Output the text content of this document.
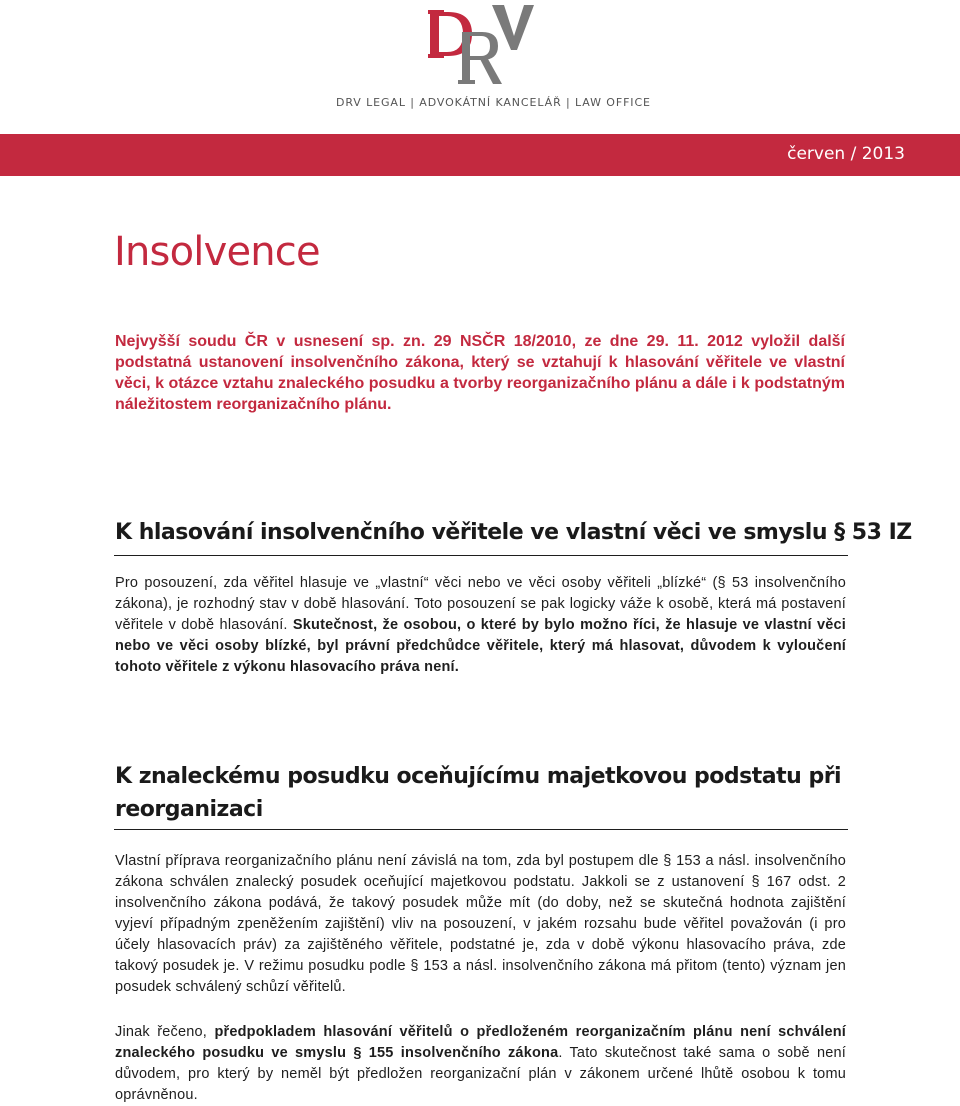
DRV LEGAL | ADVOKÁTNÍ KANCELÁŘ | LAW OFFICE
červen / 2013
Insolvence

Nejvyšší soudu ČR v usnesení sp. zn. 29 NSČR 18/2010, ze dne 29. 11. 2012 vyložil další podstatná ustanovení insolvenčního zákona, který se vztahují k hlasování věřitele ve vlastní věci, k otázce vztahu znaleckého posudku a tvorby reorganizačního plánu a dále i k podstatným náležitostem reorganizačního plánu.

K hlasování insolvenčního věřitele ve vlastní věci ve smyslu § 53 IZ

Pro posouzení, zda věřitel hlasuje ve „vlastní“ věci nebo ve věci osoby věřiteli „blízké“ (§ 53 insolvenčního zákona), je rozhodný stav v době hlasování. Toto posouzení se pak logicky váže k osobě, která má postavení věřitele v době hlasování. Skutečnost, že osobou, o které by bylo možno říci, že hlasuje ve vlastní věci nebo ve věci osoby blízké, byl právní předchůdce věřitele, který má hlasovat, důvodem k vyloučení tohoto věřitele z výkonu hlasovacího práva není.

K znaleckému posudku oceňujícímu majetkovou podstatu při
reorganizaci

Vlastní příprava reorganizačního plánu není závislá na tom, zda byl postupem dle § 153 a násl. insolvenčního zákona schválen znalecký posudek oceňující majetkovou podstatu. Jakkoli se z ustanovení § 167 odst. 2 insolvenčního zákona podává, že takový posudek může mít (do doby, než se skutečná hodnota zajištění vyjeví případným zpeněžením zajištění) vliv na posouzení, v jakém rozsahu bude věřitel považován (i pro účely hlasovacích práv) za zajištěného věřitele, podstatné je, zda v době výkonu hlasovacího práva, zde takový posudek je. V režimu posudku podle § 153 a násl. insolvenčního zákona má přitom (tento) význam jen posudek schválený schůzí věřitelů.

Jinak řečeno, předpokladem hlasování věřitelů o předloženém reorganizačním plánu není schválení znaleckého posudku ve smyslu § 155 insolvenčního zákona. Tato skutečnost také sama o sobě není důvodem, pro který by neměl být předložen reorganizační plán v zákonem určené lhůtě osobou k tomu oprávněnou.
